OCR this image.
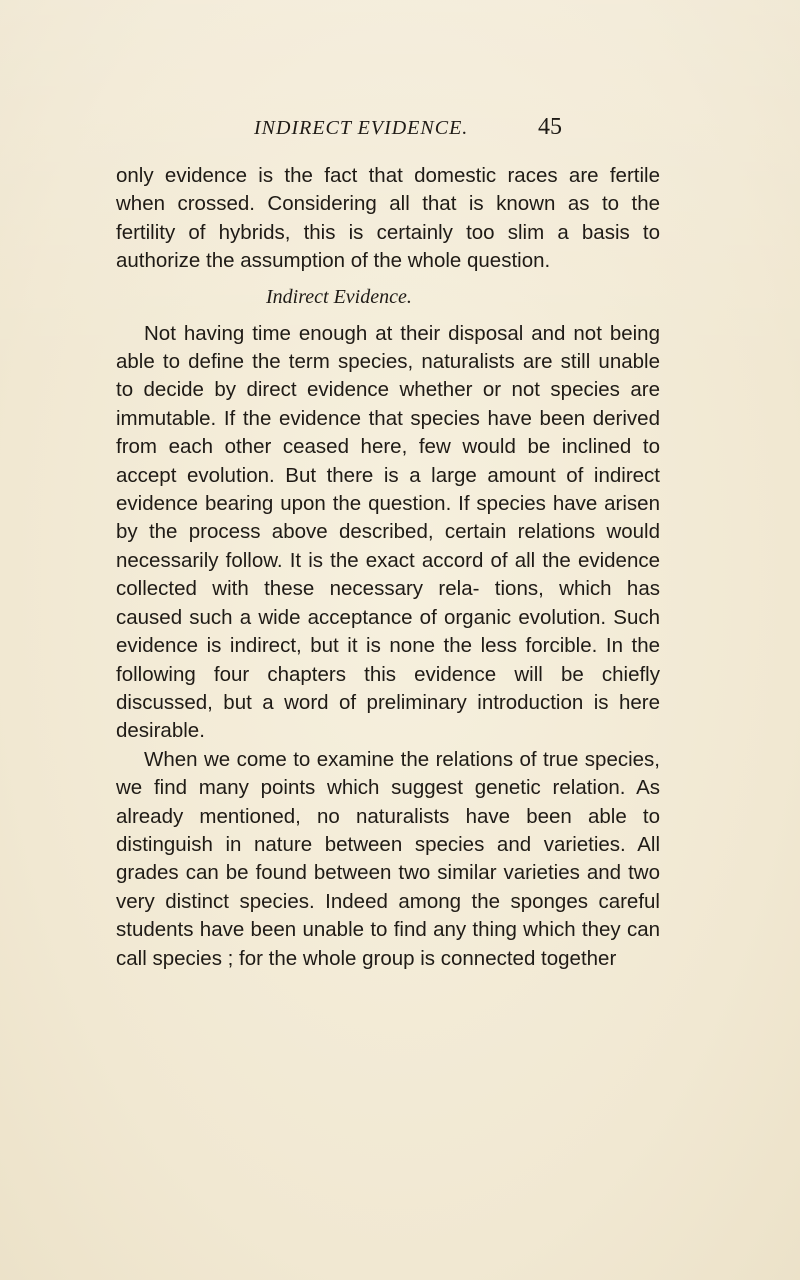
INDIRECT EVIDENCE.	45

only evidence is the fact that domestic races are fertile when crossed. Considering all that is known as to the fertility of hybrids, this is certainly too slim a basis to authorize the assumption of the whole question.

Indirect Evidence.

Not having time enough at their disposal and not being able to define the term species, naturalists are still unable to decide by direct evidence whether or not species are immutable. If the evidence that species have been derived from each other ceased here, few would be inclined to accept evolution. But there is a large amount of indirect evidence bearing upon the question. If species have arisen by the process above described, certain relations would necessarily follow. It is the exact accord of all the evidence collected with these necessary rela- tions, which has caused such a wide acceptance of organic evolution. Such evidence is indirect, but it is none the less forcible. In the following four chapters this evidence will be chiefly discussed, but a word of preliminary introduction is here desirable.

When we come to examine the relations of true species, we find many points which suggest genetic relation. As already mentioned, no naturalists have been able to distinguish in nature between species and varieties. All grades can be found between two similar varieties and two very distinct species. Indeed among the sponges careful students have been unable to find any thing which they can call species ; for the whole group is connected together
